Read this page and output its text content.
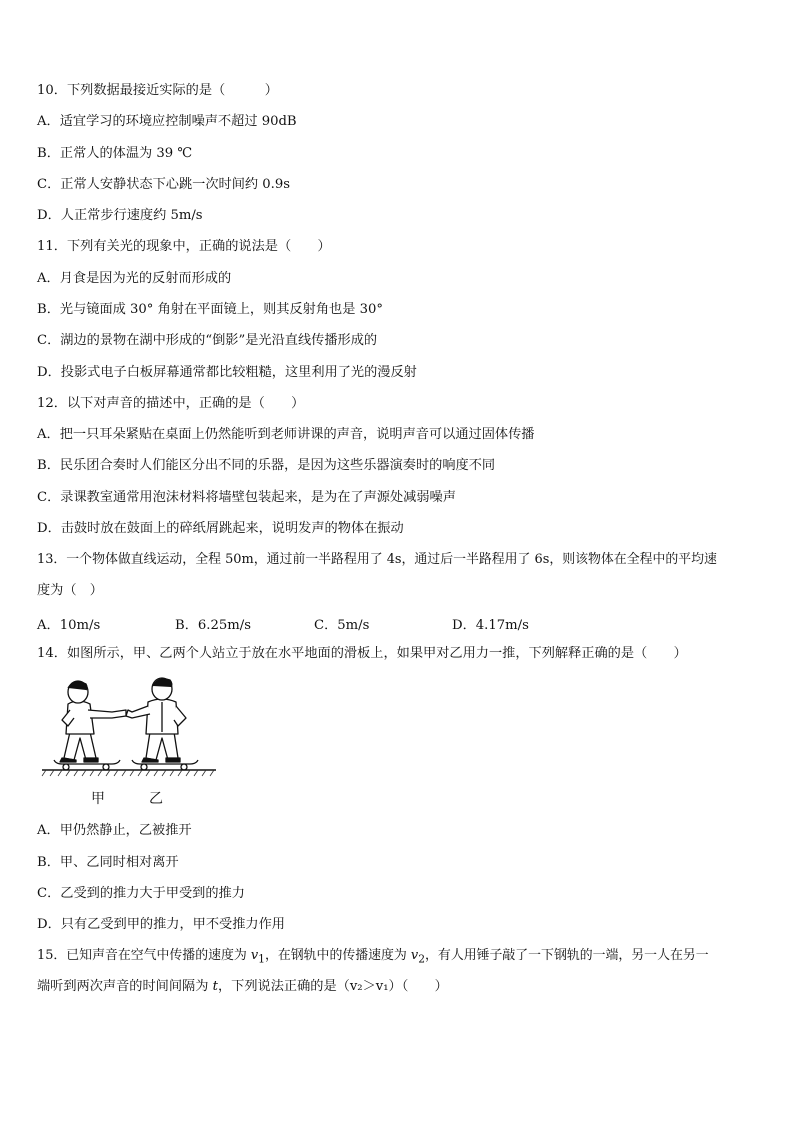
10．下列数据最接近实际的是（　　　）
A．适宜学习的环境应控制噪声不超过 90dB
B．正常人的体温为 39 ℃
C．正常人安静状态下心跳一次时间约 0.9s
D．人正常步行速度约 5m/s
11．下列有关光的现象中，正确的说法是（　　）
A．月食是因为光的反射而形成的
B．光与镜面成 30° 角射在平面镜上，则其反射角也是 30°
C．湖边的景物在湖中形成的“倒影”是光沿直线传播形成的
D．投影式电子白板屏幕通常都比较粗糙，这里利用了光的漫反射
12．以下对声音的描述中，正确的是（　　）
A．把一只耳朵紧贴在桌面上仍然能听到老师讲课的声音，说明声音可以通过固体传播
B．民乐团合奏时人们能区分出不同的乐器，是因为这些乐器演奏时的响度不同
C．录课教室通常用泡沫材料将墙壁包装起来，是为在了声源处减弱噪声
D．击鼓时放在鼓面上的碎纸屑跳起来，说明发声的物体在振动
13．一个物体做直线运动，全程 50m，通过前一半路程用了 4s，通过后一半路程用了 6s，则该物体在全程中的平均速
度为（　）
A．10m/s	B．6.25m/s	C．5m/s	D．4.17m/s
14．如图所示，甲、乙两个人站立于放在水平地面的滑板上，如果甲对乙用力一推，下列解释正确的是（　　）
甲	乙
A．甲仍然静止，乙被推开
B．甲、乙同时相对离开
C．乙受到的推力大于甲受到的推力
D．只有乙受到甲的推力，甲不受推力作用
15．已知声音在空气中传播的速度为 $v_1$，在钢轨中的传播速度为 $v_2$，有人用锤子敲了一下钢轨的一端，另一人在另一
端听到两次声音的时间间隔为 t，下列说法正确的是（v₂＞v₁）（　　）
